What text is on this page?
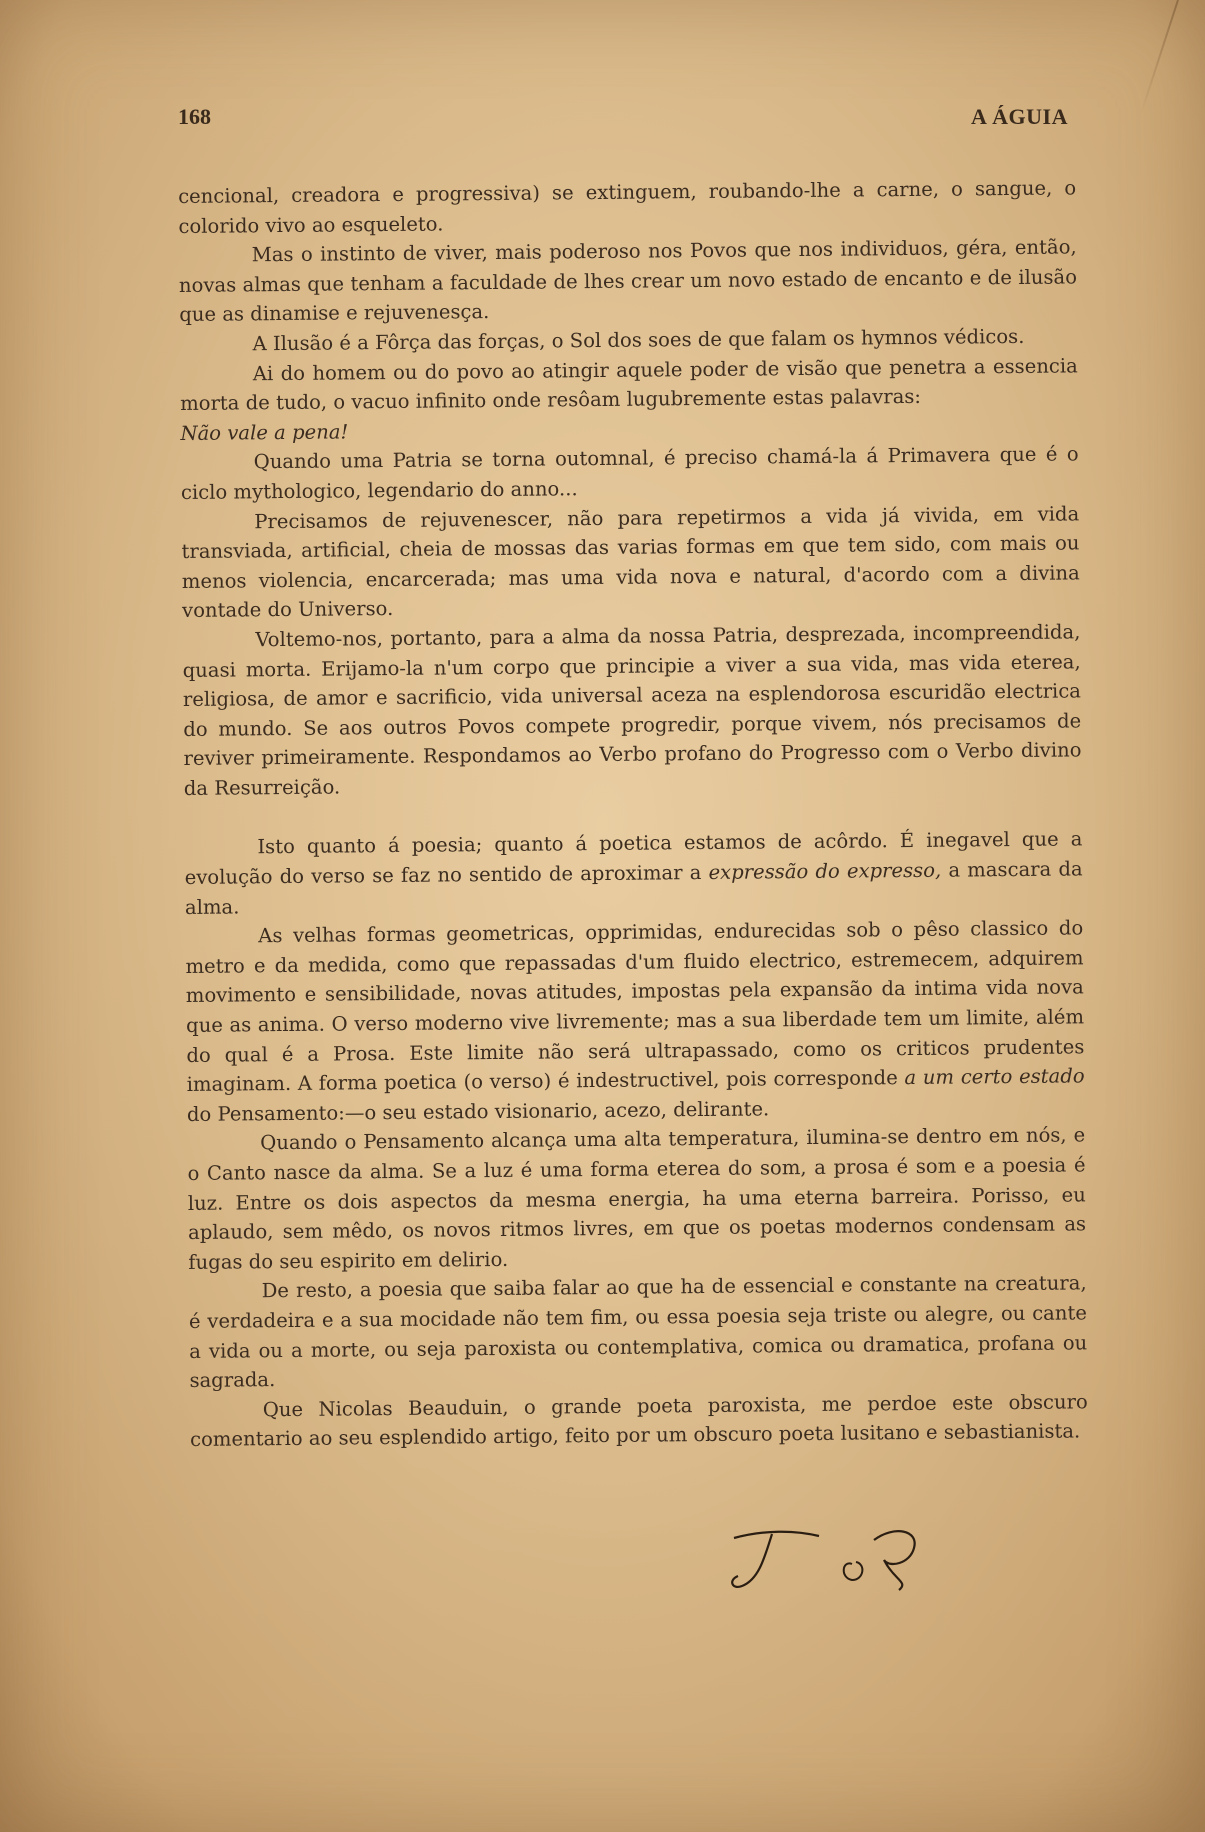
168	A ÁGUIA

cencional, creadora e progressiva) se extinguem, roubando-lhe a carne, o sangue, o colorido vivo ao esqueleto.

Mas o instinto de viver, mais poderoso nos Povos que nos individuos, géra, então, novas almas que tenham a faculdade de lhes crear um novo estado de encanto e de ilusão que as dinamise e rejuvenesça.

A Ilusão é a Fôrça das forças, o Sol dos soes de que falam os hymnos védicos.

Ai do homem ou do povo ao atingir aquele poder de visão que penetra a essencia morta de tudo, o vacuo infinito onde resôam lugubremente estas palavras:

Não vale a pena!

Quando uma Patria se torna outomnal, é preciso chamá-la á Primavera que é o ciclo mythologico, legendario do anno...

Precisamos de rejuvenescer, não para repetirmos a vida já vivida, em vida transviada, artificial, cheia de mossas das varias formas em que tem sido, com mais ou menos violencia, encarcerada; mas uma vida nova e natural, d'acordo com a divina vontade do Universo.

Voltemo-nos, portanto, para a alma da nossa Patria, desprezada, incompreendida, quasi morta. Erijamo-la n'um corpo que principie a viver a sua vida, mas vida eterea, religiosa, de amor e sacrificio, vida universal aceza na esplendorosa escuridão electrica do mundo. Se aos outros Povos compete progredir, porque vivem, nós precisamos de reviver primeiramente. Respondamos ao Verbo profano do Progresso com o Verbo divino da Resurreição.

Isto quanto á poesia; quanto á poetica estamos de acôrdo. É inegavel que a evolução do verso se faz no sentido de aproximar a expressão do expresso, a mascara da alma.

As velhas formas geometricas, opprimidas, endurecidas sob o pêso classico do metro e da medida, como que repassadas d'um fluido electrico, estremecem, adquirem movimento e sensibilidade, novas atitudes, impostas pela expansão da intima vida nova que as anima. O verso moderno vive livremente; mas a sua liberdade tem um limite, além do qual é a Prosa. Este limite não será ultrapassado, como os criticos prudentes imaginam. A forma poetica (o verso) é indestructivel, pois corresponde a um certo estado do Pensamento:—o seu estado visionario, acezo, delirante.

Quando o Pensamento alcança uma alta temperatura, ilumina-se dentro em nós, e o Canto nasce da alma. Se a luz é uma forma eterea do som, a prosa é som e a poesia é luz. Entre os dois aspectos da mesma energia, ha uma eterna barreira. Porisso, eu aplaudo, sem mêdo, os novos ritmos livres, em que os poetas modernos condensam as fugas do seu espirito em delirio.

De resto, a poesia que saiba falar ao que ha de essencial e constante na creatura, é verdadeira e a sua mocidade não tem fim, ou essa poesia seja triste ou alegre, ou cante a vida ou a morte, ou seja paroxista ou contemplativa, comica ou dramatica, profana ou sagrada.

Que Nicolas Beauduin, o grande poeta paroxista, me perdoe este obscuro comentario ao seu esplendido artigo, feito por um obscuro poeta lusitano e sebastianista.

Teixeira de Pascoaes
